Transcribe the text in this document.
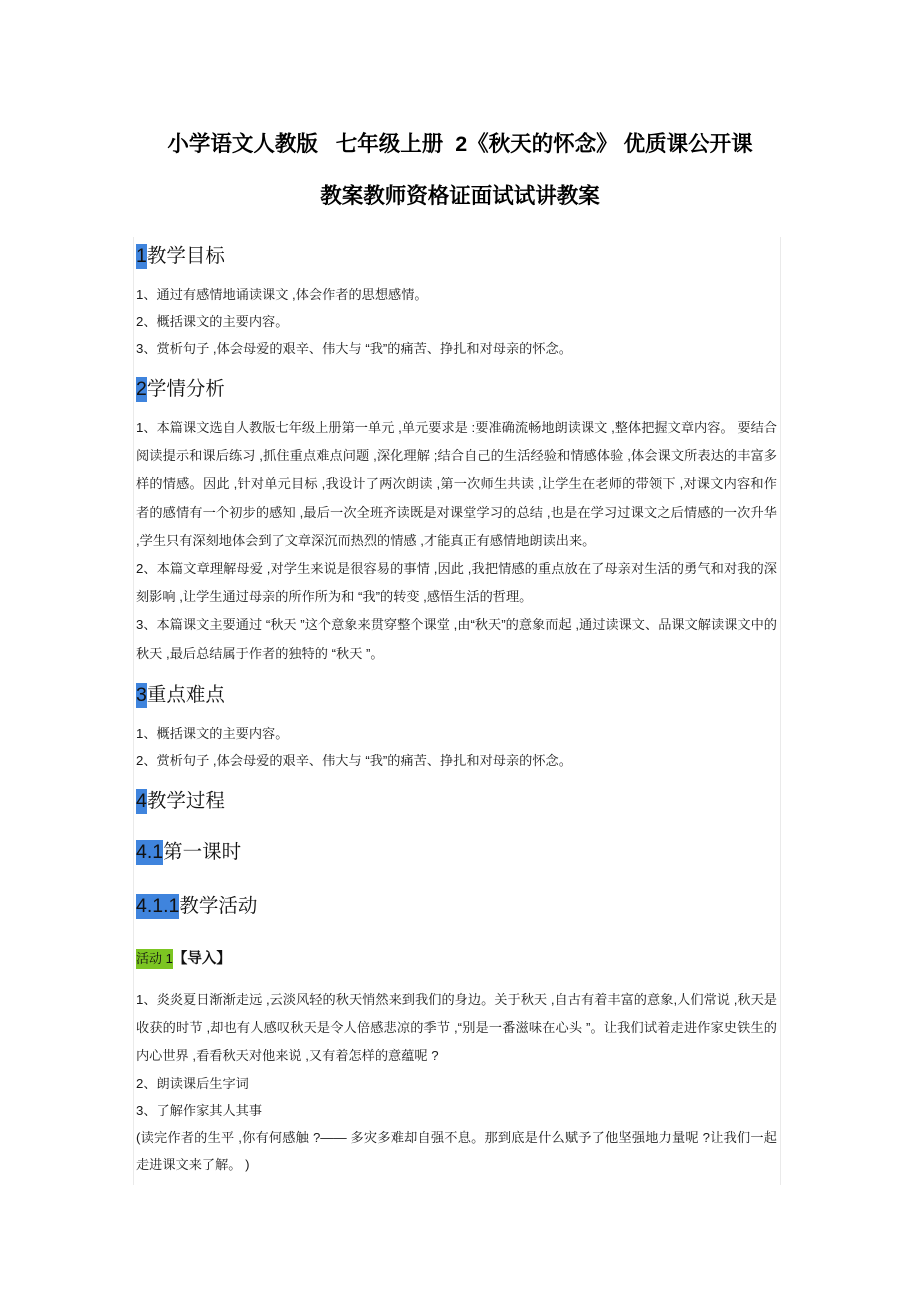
小学语文人教版   七年级上册  2《秋天的怀念》 优质课公开课
教案教师资格证面试试讲教案
1教学目标

1、通过有感情地诵读课文 ,体会作者的思想感情。

2、概括课文的主要内容。

3、赏析句子 ,体会母爱的艰辛、伟大与 “我”的痛苦、挣扎和对母亲的怀念。

2学情分析

1、本篇课文选自人教版七年级上册第一单元 ,单元要求是 :要准确流畅地朗读课文 ,整体把握文章内容。 要结合阅读提示和课后练习 ,抓住重点难点问题 ,深化理解 ;结合自己的生活经验和情感体验 ,体会课文所表达的丰富多样的情感。因此 ,针对单元目标 ,我设计了两次朗读 ,第一次师生共读 ,让学生在老师的带领下 ,对课文内容和作者的感情有一个初步的感知 ,最后一次全班齐读既是对课堂学习的总结 ,也是在学习过课文之后情感的一次升华 ,学生只有深刻地体会到了文章深沉而热烈的情感 ,才能真正有感情地朗读出来。

2、本篇文章理解母爱 ,对学生来说是很容易的事情 ,因此 ,我把情感的重点放在了母亲对生活的勇气和对我的深刻影响 ,让学生通过母亲的所作所为和 “我”的转变 ,感悟生活的哲理。

3、本篇课文主要通过 “秋天 ”这个意象来贯穿整个课堂 ,由“秋天”的意象而起 ,通过读课文、品课文解读课文中的秋天 ,最后总结属于作者的独特的 “秋天 ”。

3重点难点

1、概括课文的主要内容。

2、赏析句子 ,体会母爱的艰辛、伟大与 “我”的痛苦、挣扎和对母亲的怀念。

4教学过程
4.1第一课时
4.1.1教学活动
活动 1【导入】

1、炎炎夏日渐渐走远 ,云淡风轻的秋天悄然来到我们的身边。关于秋天 ,自古有着丰富的意象,人们常说 ,秋天是收获的时节 ,却也有人感叹秋天是令人倍感悲凉的季节 ,“别是一番滋味在心头 ”。让我们试着走进作家史铁生的内心世界 ,看看秋天对他来说 ,又有着怎样的意蕴呢 ?

2、朗读课后生字词

3、了解作家其人其事

(读完作者的生平 ,你有何感触 ?—— 多灾多难却自强不息。那到底是什么赋予了他坚强地力量呢 ?让我们一起走进课文来了解。 )
